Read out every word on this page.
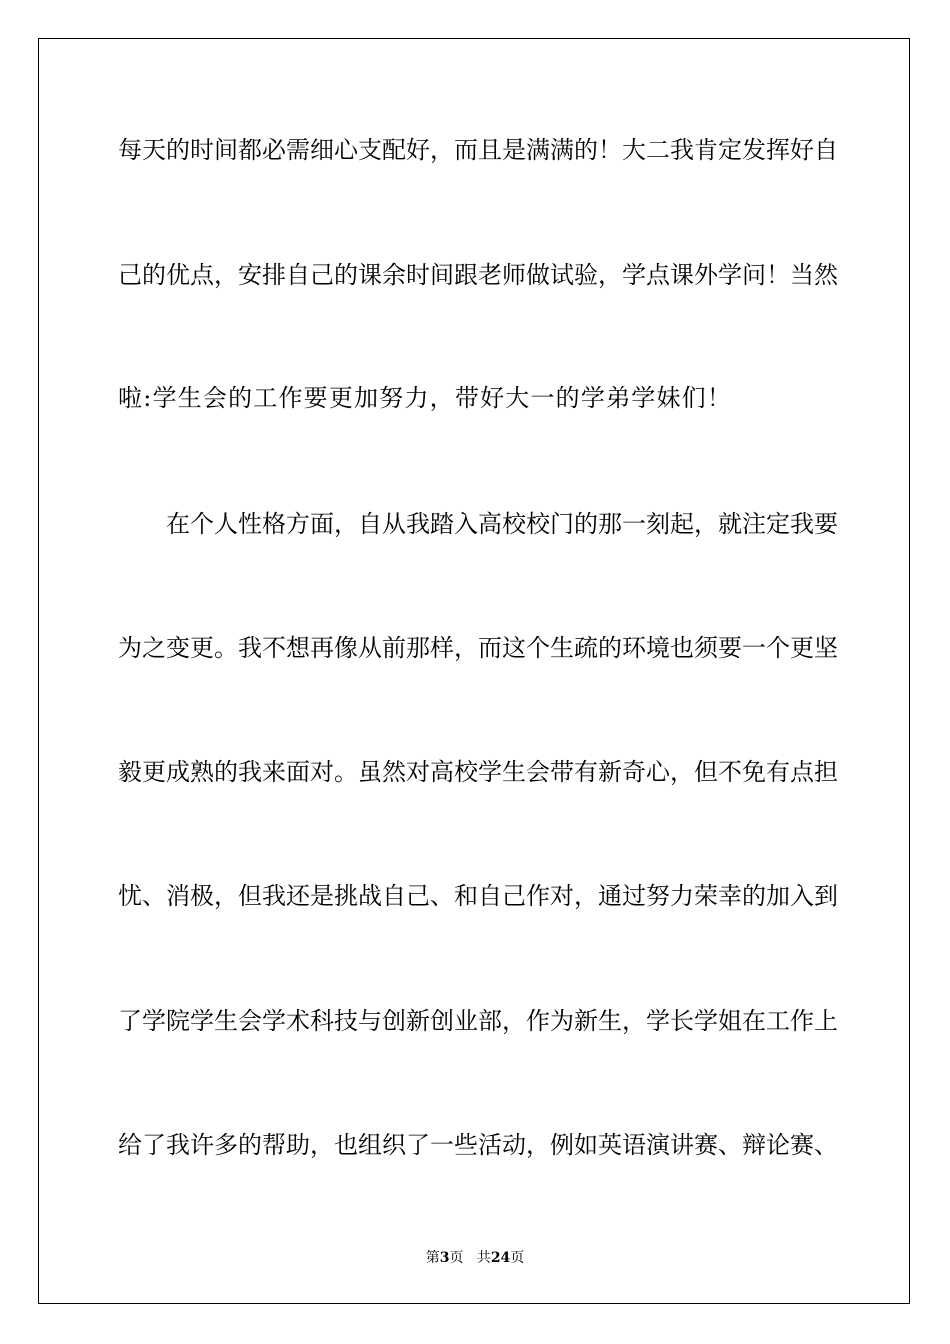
每天的时间都必需细心支配好，而且是满满的！大二我肯定发挥好自
己的优点，安排自己的课余时间跟老师做试验，学点课外学问！当然
啦:学生会的工作要更加努力，带好大一的学弟学妹们！
在个人性格方面，自从我踏入高校校门的那一刻起，就注定我要
为之变更。我不想再像从前那样，而这个生疏的环境也须要一个更坚
毅更成熟的我来面对。虽然对高校学生会带有新奇心，但不免有点担
忧、消极，但我还是挑战自己、和自己作对，通过努力荣幸的加入到
了学院学生会学术科技与创新创业部，作为新生，学长学姐在工作上
给了我许多的帮助，也组织了一些活动，例如英语演讲赛、辩论赛、
第3页 共24页
